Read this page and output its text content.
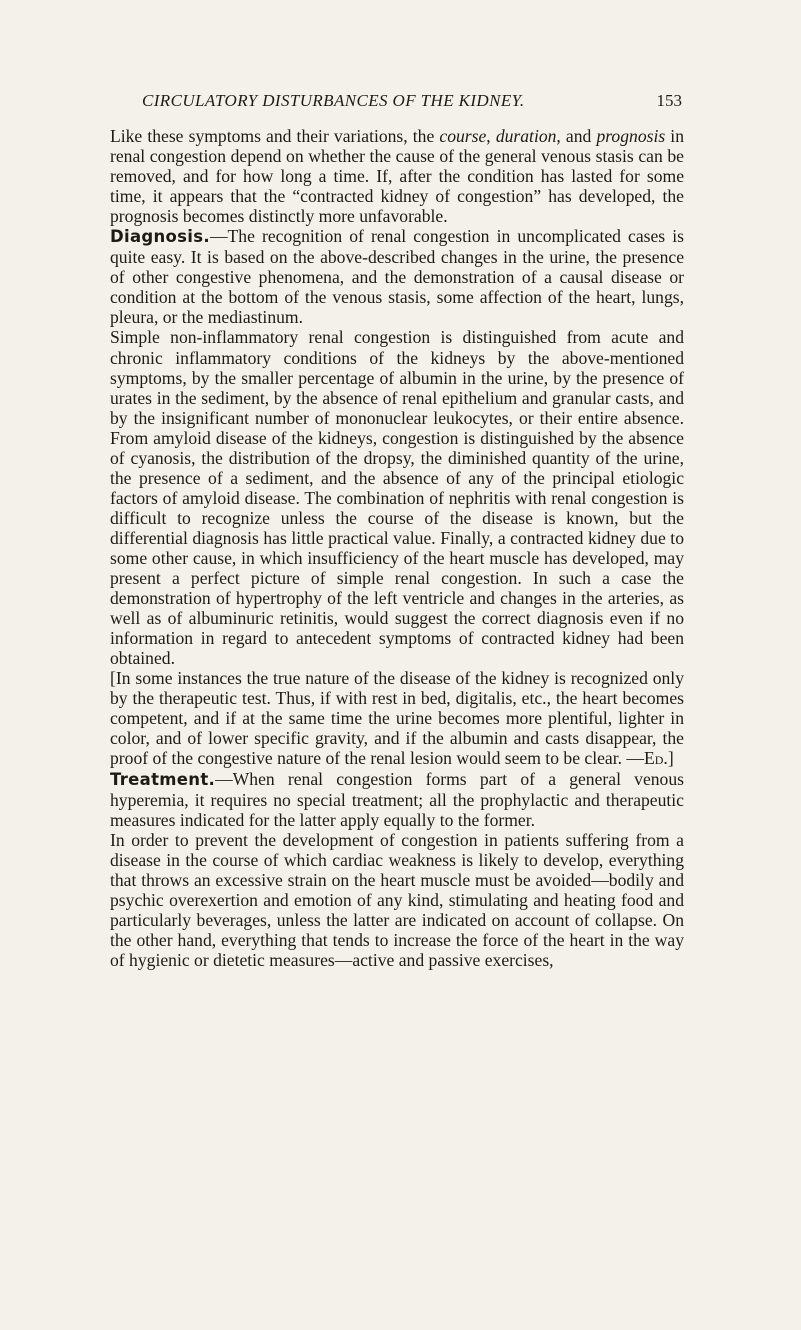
CIRCULATORY DISTURBANCES OF THE KIDNEY.	153

Like these symptoms and their variations, the course, duration, and prognosis in renal congestion depend on whether the cause of the general venous stasis can be removed, and for how long a time. If, after the condition has lasted for some time, it appears that the “contracted kidney of congestion” has developed, the prognosis becomes distinctly more unfavorable.

Diagnosis.—The recognition of renal congestion in uncomplicated cases is quite easy. It is based on the above-described changes in the urine, the presence of other congestive phenomena, and the demonstration of a causal disease or condition at the bottom of the venous stasis, some affection of the heart, lungs, pleura, or the mediastinum.

Simple non-inflammatory renal congestion is distinguished from acute and chronic inflammatory conditions of the kidneys by the above-mentioned symptoms, by the smaller percentage of albumin in the urine, by the presence of urates in the sediment, by the absence of renal epithelium and granular casts, and by the insignificant number of mononuclear leukocytes, or their entire absence. From amyloid disease of the kidneys, congestion is distinguished by the absence of cyanosis, the distribution of the dropsy, the diminished quantity of the urine, the presence of a sediment, and the absence of any of the principal etiologic factors of amyloid disease. The combination of nephritis with renal congestion is difficult to recognize unless the course of the disease is known, but the differential diagnosis has little practical value. Finally, a contracted kidney due to some other cause, in which insufficiency of the heart muscle has developed, may present a perfect picture of simple renal congestion. In such a case the demonstration of hypertrophy of the left ventricle and changes in the arteries, as well as of albuminuric retinitis, would suggest the correct diagnosis even if no information in regard to antecedent symptoms of contracted kidney had been obtained.

[In some instances the true nature of the disease of the kidney is recognized only by the therapeutic test. Thus, if with rest in bed, digitalis, etc., the heart becomes competent, and if at the same time the urine becomes more plentiful, lighter in color, and of lower specific gravity, and if the albumin and casts disappear, the proof of the congestive nature of the renal lesion would seem to be clear. —Ed.]

Treatment.—When renal congestion forms part of a general venous hyperemia, it requires no special treatment; all the prophylactic and therapeutic measures indicated for the latter apply equally to the former.

In order to prevent the development of congestion in patients suffering from a disease in the course of which cardiac weakness is likely to develop, everything that throws an excessive strain on the heart muscle must be avoided—bodily and psychic overexertion and emotion of any kind, stimulating and heating food and particularly beverages, unless the latter are indicated on account of collapse. On the other hand, everything that tends to increase the force of the heart in the way of hygienic or dietetic measures—active and passive exercises,
